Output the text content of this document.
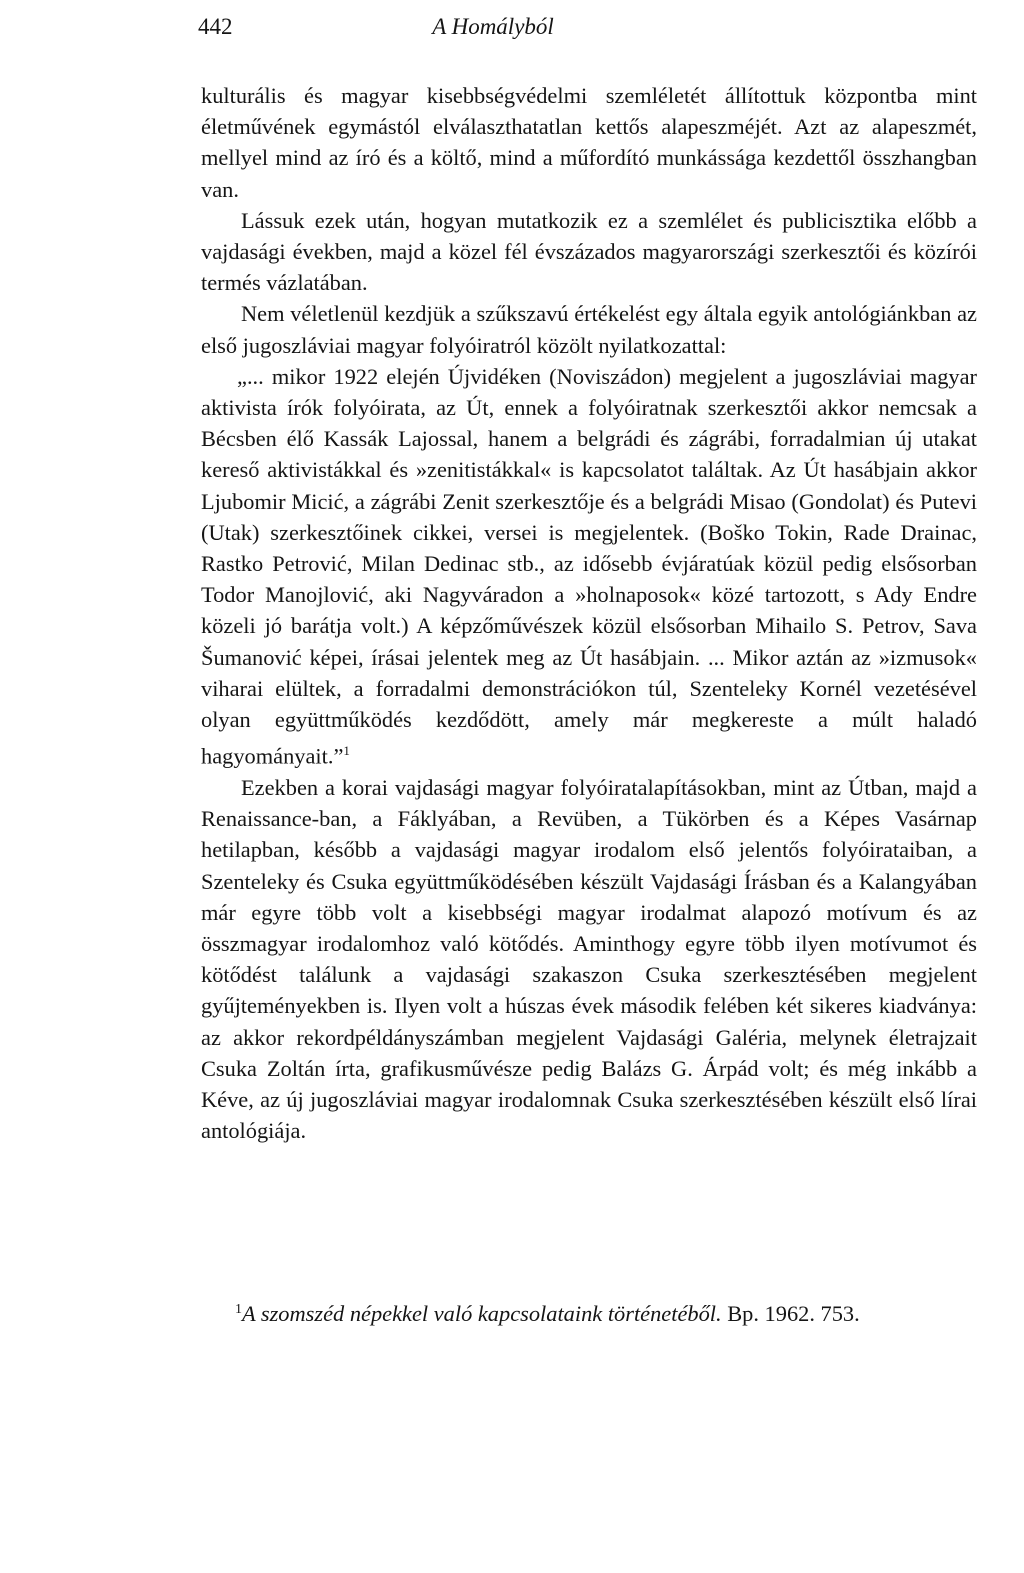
442	A Homályból

kulturális és magyar kisebbségvédelmi szemléletét állítottuk központba mint életművének egymástól elválaszthatatlan kettős alapeszméjét. Azt az alapeszmét, mellyel mind az író és a költő, mind a műfordító munkássága kezdettől összhangban van.

Lássuk ezek után, hogyan mutatkozik ez a szemlélet és publicisztika előbb a vajdasági években, majd a közel fél évszázados magyarországi szerkesztői és közírói termés vázlatában.

Nem véletlenül kezdjük a szűkszavú értékelést egy általa egyik antológiánkban az első jugoszláviai magyar folyóiratról közölt nyilatkozattal:

„... mikor 1922 elején Újvidéken (Noviszádon) megjelent a jugoszláviai magyar aktivista írók folyóirata, az Út, ennek a folyóiratnak szerkesztői akkor nemcsak a Bécsben élő Kassák Lajossal, hanem a belgrádi és zágrábi, forradalmian új utakat kereső aktivistákkal és »zenitistákkal« is kapcsolatot találtak. Az Út hasábjain akkor Ljubomir Micić, a zágrábi Zenit szerkesztője és a belgrádi Misao (Gondolat) és Putevi (Utak) szerkesztőinek cikkei, versei is megjelentek. (Boško Tokin, Rade Drainac, Rastko Petrović, Milan Dedinac stb., az idősebb évjáratúak közül pedig elsősorban Todor Manojlović, aki Nagyváradon a »holnaposok« közé tartozott, s Ady Endre közeli jó barátja volt.) A képzőművészek közül elsősorban Mihailo S. Petrov, Sava Šumanović képei, írásai jelentek meg az Út hasábjain. ... Mikor aztán az »izmusok« viharai elültek, a forradalmi demonstrációkon túl, Szenteleky Kornél vezetésével olyan együttműködés kezdődött, amely már megkereste a múlt haladó hagyományait.”$^1$

Ezekben a korai vajdasági magyar folyóiratalapításokban, mint az Útban, majd a Renaissance-ban, a Fáklyában, a Revüben, a Tükörben és a Képes Vasárnap hetilapban, később a vajdasági magyar irodalom első jelentős folyóirataiban, a Szenteleky és Csuka együttműködésében készült Vajdasági Írásban és a Kalangyában már egyre több volt a kisebbségi magyar irodalmat alapozó motívum és az összmagyar irodalomhoz való kötődés. Aminthogy egyre több ilyen motívumot és kötődést találunk a vajdasági szakaszon Csuka szerkesztésében megjelent gyűjteményekben is. Ilyen volt a húszas évek második felében két sikeres kiadványa: az akkor rekordpéldányszámban megjelent Vajdasági Galéria, melynek életrajzait Csuka Zoltán írta, grafikusművésze pedig Balázs G. Árpád volt; és még inkább a Kéve, az új jugoszláviai magyar irodalomnak Csuka szerkesztésében készült első lírai antológiája.

$^1$A szomszéd népekkel való kapcsolataink történetéből. Bp. 1962. 753.
